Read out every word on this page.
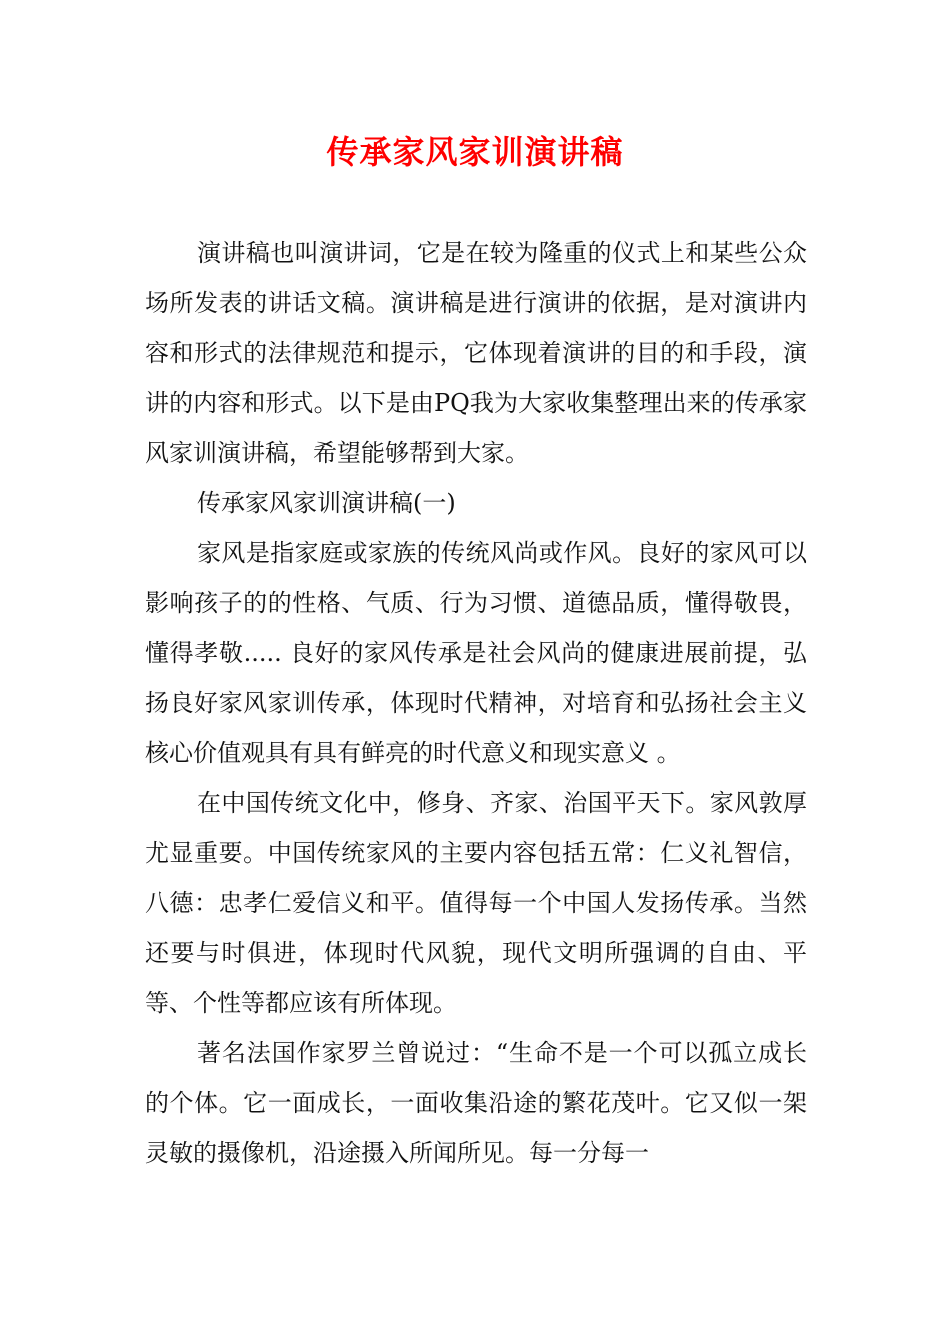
传承家风家训演讲稿

演讲稿也叫演讲词，它是在较为隆重的仪式上和某些公众场所发表的讲话文稿。演讲稿是进行演讲的依据，是对演讲内容和形式的法律规范和提示，它体现着演讲的目的和手段，演讲的内容和形式。以下是由PQ我为大家收集整理出来的传承家风家训演讲稿，希望能够帮到大家。

传承家风家训演讲稿(一)

家风是指家庭或家族的传统风尚或作风。良好的家风可以影响孩子的的性格、气质、行为习惯、道德品质，懂得敬畏，懂得孝敬..... 良好的家风传承是社会风尚的健康进展前提，弘扬良好家风家训传承，体现时代精神，对培育和弘扬社会主义核心价值观具有具有鲜亮的时代意义和现实意义 。

在中国传统文化中，修身、齐家、治国平天下。家风敦厚尤显重要。中国传统家风的主要内容包括五常：仁义礼智信，八德：忠孝仁爱信义和平。值得每一个中国人发扬传承。当然还要与时俱进，体现时代风貌，现代文明所强调的自由、平等、个性等都应该有所体现。

著名法国作家罗兰曾说过：“生命不是一个可以孤立成长的个体。它一面成长，一面收集沿途的繁花茂叶。它又似一架灵敏的摄像机，沿途摄入所闻所见。每一分每一
